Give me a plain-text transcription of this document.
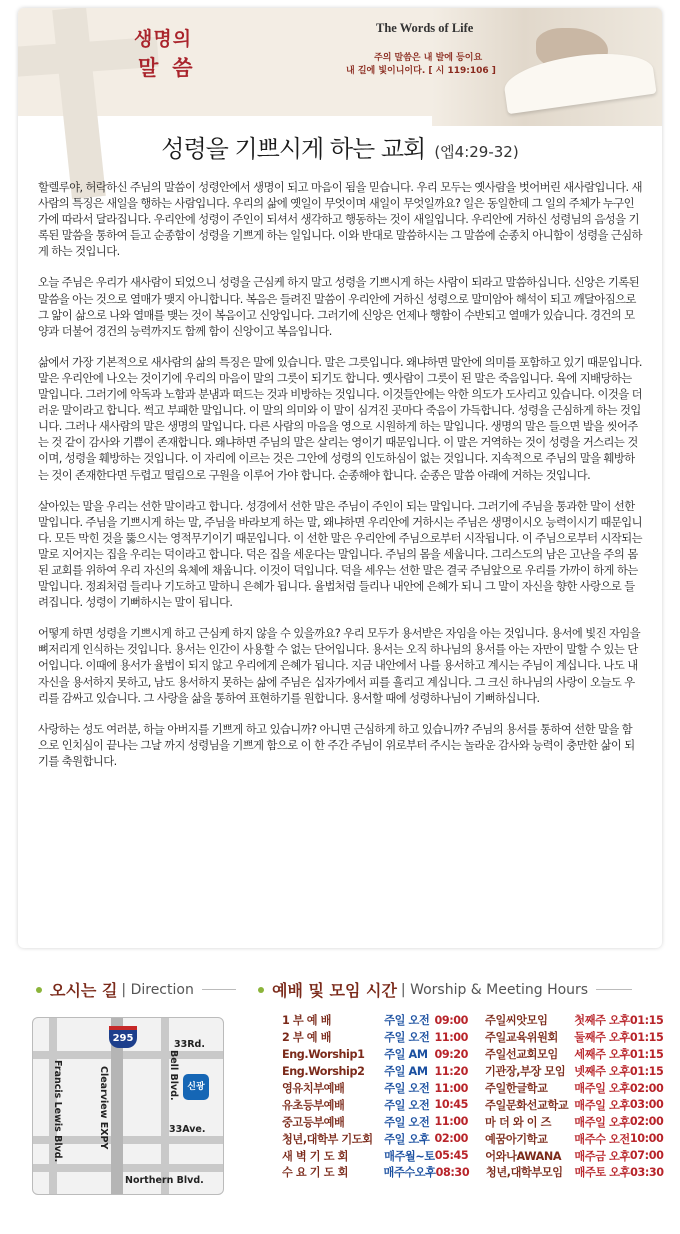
생명의
말씀
The Words of Life
주의 말씀은 내 발에 등이요
내 길에 빛이니이다. [ 시 119:106 ]
성령을 기쁘시게 하는 교회 (엡4:29-32)

할렐루야, 허락하신 주님의 말씀이 성령안에서 생명이 되고 마음이 됨을 믿습니다. 우리 모두는 옛사람을 벗어버린 새사람입니다. 새사람의 특징은 새일을 행하는 사람입니다. 우리의 삶에 옛일이 무엇이며 새일이 무엇일까요? 일은 동일한데 그 일의 주체가 누구인가에 따라서 달라집니다. 우리안에 성령이 주인이 되셔서 생각하고 행동하는 것이 새일입니다. 우리안에 거하신 성령님의 음성을 기록된 말씀을 통하여 듣고 순종함이 성령을 기쁘게 하는 일입니다. 이와 반대로 말씀하시는 그 말씀에 순종치 아니함이 성령을 근심하게 하는 것입니다.

오늘 주님은 우리가 새사람이 되었으니 성령을 근심케 하지 말고 성령을 기쁘시게 하는 사람이 되라고 말씀하십니다. 신앙은 기록된 말씀을 아는 것으로 열매가 맺지 아니합니다. 복음은 들려진 말씀이 우리안에 거하신 성령으로 말미암아 해석이 되고 깨달아짐으로 그 앎이 삶으로 나와 열매를 맺는 것이 복음이고 신앙입니다. 그러기에 신앙은 언제나 행함이 수반되고 열매가 있습니다. 경건의 모양과 더불어 경건의 능력까지도 함께 함이 신앙이고 복음입니다.

삶에서 가장 기본적으로 새사람의 삶의 특징은 말에 있습니다. 말은 그릇입니다. 왜냐하면 말안에 의미를 포함하고 있기 때문입니다. 말은 우리안에 나오는 것이기에 우리의 마음이 말의 그릇이 되기도 합니다. 옛사람이 그릇이 된 말은 죽음입니다. 육에 지배당하는 말입니다. 그러기에 악독과 노함과 분냄과 떠드는 것과 비방하는 것입니다. 이것들안에는 악한 의도가 도사리고 있습니다. 이것을 더러운 말이라고 합니다. 썩고 부패한 말입니다. 이 말의 의미와 이 말이 심겨진 곳마다 죽음이 가득합니다. 성령을 근심하게 하는 것입니다. 그러나 새사람의 말은 생명의 말입니다. 다른 사람의 마음을 영으로 시원하게 하는 말입니다. 생명의 말은 들으면 발을 씻어주는 것 같이 감사와 기쁨이 존재합니다. 왜냐하면 주님의 말은 살리는 영이기 때문입니다. 이 말은 거역하는 것이 성령을 거스리는 것이며, 성령을 훼방하는 것입니다. 이 자리에 이르는 것은 그안에 성령의 인도하심이 없는 것입니다. 지속적으로 주님의 말을 훼방하는 것이 존재한다면 두렵고 떨림으로 구원을 이루어 가야 합니다. 순종해야 합니다. 순종은 말씀 아래에 거하는 것입니다.

살아있는 말을 우리는 선한 말이라고 합니다. 성경에서 선한 말은 주님이 주인이 되는 말입니다. 그러기에 주님을 통과한 말이 선한 말입니다. 주님을 기쁘시게 하는 말, 주님을 바라보게 하는 말, 왜냐하면 우리안에 거하시는 주님은 생명이시오 능력이시기 때문입니다. 모든 막힌 것을 뚫으시는 영적무기이기 때문입니다. 이 선한 말은 우리안에 주님으로부터 시작됩니다. 이 주님으로부터 시작되는 말로 지어지는 집을 우리는 덕이라고 합니다. 덕은 집을 세운다는 말입니다. 주님의 몸을 세웁니다. 그리스도의 남은 고난을 주의 몸된 교회를 위하여 우리 자신의 육체에 채웁니다. 이것이 덕입니다. 덕을 세우는 선한 말은 결국 주님앞으로 우리를 가까이 하게 하는 말입니다. 정죄처럼 들리나 기도하고 말하니 은혜가 됩니다. 율법처럼 들리나 내안에 은혜가 되니 그 말이 자신을 향한 사랑으로 들려집니다. 성령이 기뻐하시는 말이 됩니다.

어떻게 하면 성령을 기쁘시게 하고 근심케 하지 않을 수 있을까요? 우리 모두가 용서받은 자임을 아는 것입니다. 용서에 빛진 자임을 뼈저리게 인식하는 것입니다. 용서는 인간이 사용할 수 없는 단어입니다. 용서는 오직 하나님의 용서를 아는 자만이 말할 수 있는 단어입니다. 이때에 용서가 율법이 되지 않고 우리에게 은혜가 됩니다. 지금 내안에서 나를 용서하고 계시는 주님이 계십니다. 나도 내 자신을 용서하지 못하고, 남도 용서하지 못하는 삶에 주님은 십자가에서 피를 흘리고 계십니다. 그 크신 하나님의 사랑이 오늘도 우리를 감싸고 있습니다. 그 사랑을 삶을 통하여 표현하기를 원합니다. 용서할 때에 성령하나님이 기뻐하십니다.

사랑하는 성도 여러분, 하늘 아버지를 기쁘게 하고 있습니까? 아니면 근심하게 하고 있습니까? 주님의 용서를 통하여 선한 말을 함으로 인치심이 끝나는 그날 까지 성령님을 기쁘게 함으로 이 한 주간 주님이 위로부터 주시는 놀라운 감사와 능력이 충만한 삶이 되기를 축원합니다.

오시는 길 | Direction
295
신광
33Rd.
33Ave.
Northern Blvd.
Francis Lewis Blvd.	Clearview EXPY	Bell Blvd.
예배 및 모임 시간 | Worship & Meeting Hours
1 부 예 배	주일 오전 09:00	주일씨앗모임	첫째주 오후 01:15
2 부 예 배	주일 오전 11:00	주일교육위원회	둘째주 오후 01:15
Eng.Worship1	주일 AM 09:20	주일선교회모임	세째주 오후 01:15
Eng.Worship2	주일 AM 11:20	기관장,부장 모임 넷째주 오후 01:15
영유치부예배	주일 오전 11:00	주일한글학교	매주일 오후 02:00
유초등부예배	주일 오전 10:45	주일문화선교학교 매주일 오후 03:00
중고등부예배	주일 오전 11:00	마 더 와 이 즈	매주일 오후 02:00
청년,대학부 기도회	주일 오후 02:00	예꿈아기학교	매주수 오전 10:00
새 벽 기 도 회	매주월~토 05:45	어와나AWANA	매주금 오후 07:00
수 요 기 도 회	매주수오후 08:30	청년,대학부모임	매주토 오후 03:30
